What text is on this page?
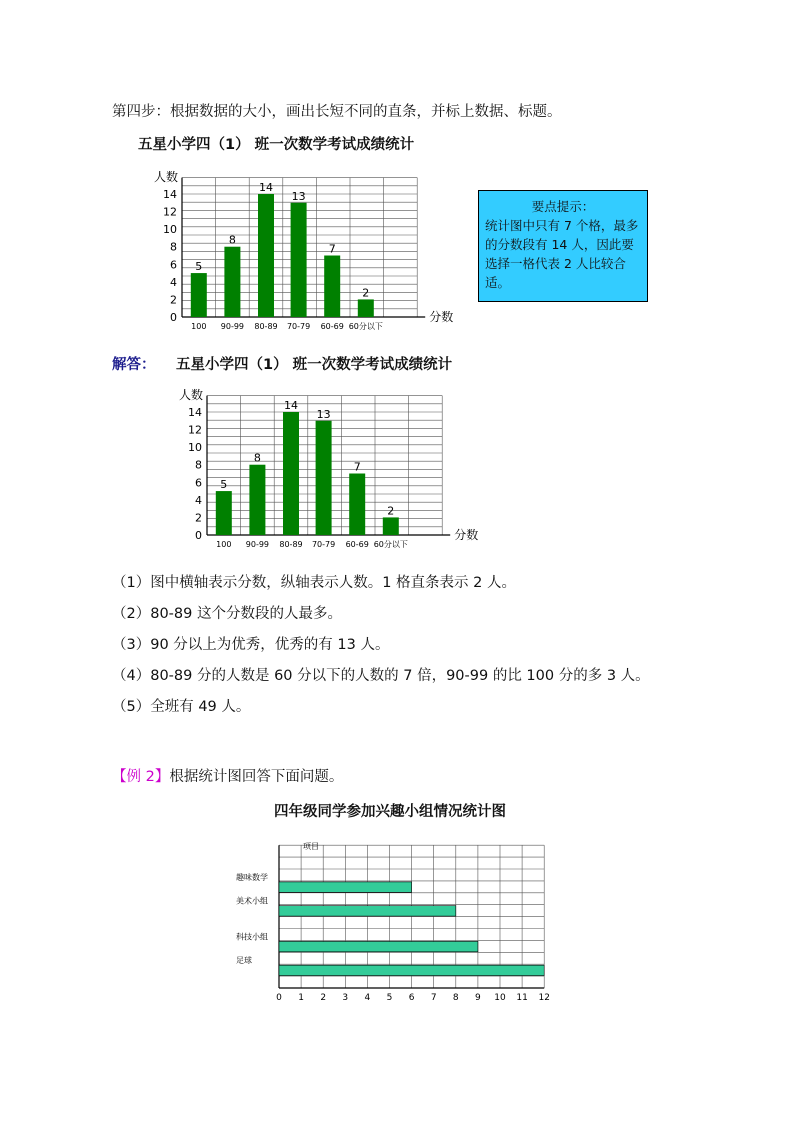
第四步：根据数据的大小，画出长短不同的直条，并标上数据、标题。
五星小学四（1） 班一次数学考试成绩统计
人数
分数
0
2
4
6
8
10
12
14
5
100
8
90-99
14
80-89
13
70-79
7
60-69
2
60分以下
要点提示：
统计图中只有 7 个格，最多的分数段有 14 人，因此要选择一格代表 2 人比较合适。
解答： 五星小学四（1） 班一次数学考试成绩统计
人数
分数
0
2
4
6
8
10
12
14
5
100
8
90-99
14
80-89
13
70-79
7
60-69
2
60分以下
（1）图中横轴表示分数，纵轴表示人数。1 格直条表示 2 人。
（2）80-89 这个分数段的人最多。
（3）90 分以上为优秀，优秀的有 13 人。
（4）80-89 分的人数是 60 分以下的人数的 7 倍，90-99 的比 100 分的多 3 人。
（5）全班有 49 人。
【例 2】根据统计图回答下面问题。
四年级同学参加兴趣小组情况统计图
项目
0 1 2 3 4 5 6 7 8 9 10 11 12
趣味数学
美术小组
科技小组
足球
